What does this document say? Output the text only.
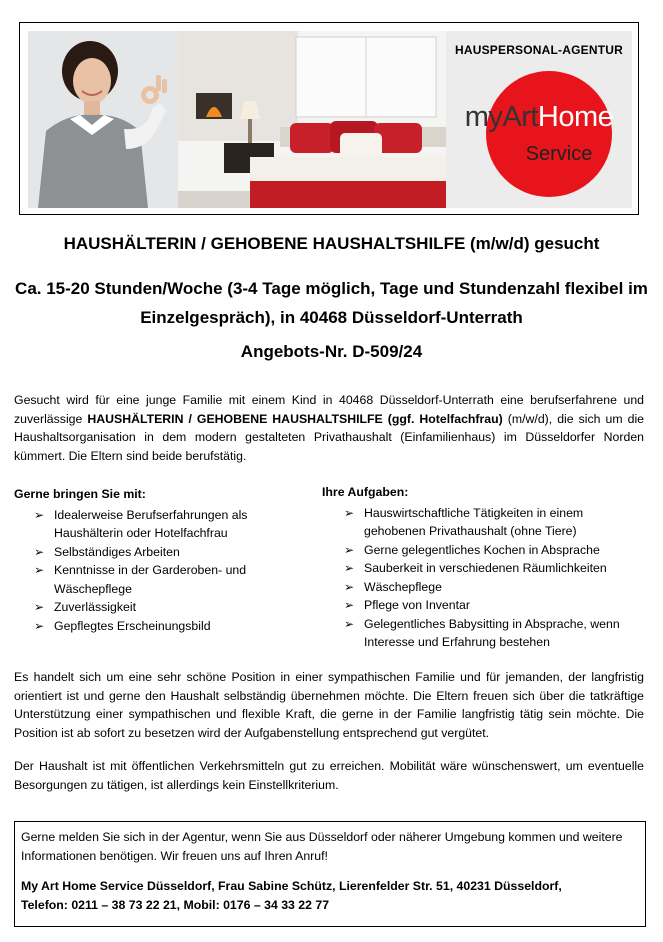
HAUSPERSONAL-AGENTUR
myArtHome
Service
HAUSHÄLTERIN / GEHOBENE HAUSHALTSHILFE (m/w/d) gesucht
Ca. 15-20 Stunden/Woche (3-4 Tage möglich, Tage und Stundenzahl flexibel im Einzelgespräch), in 40468 Düsseldorf-Unterrath
Angebots-Nr. D-509/24
Gesucht wird für eine junge Familie mit einem Kind in 40468 Düsseldorf-Unterrath eine berufserfahrene und zuverlässige HAUSHÄLTERIN / GEHOBENE HAUSHALTSHILFE (ggf. Hotelfachfrau) (m/w/d), die sich um die Haushaltsorganisation in dem modern gestalteten Privathaushalt (Einfamilienhaus) im Düsseldorfer Norden kümmert. Die Eltern sind beide berufstätig.
Gerne bringen Sie mit:
➢ Idealerweise Berufserfahrungen als Haushälterin oder Hotelfachfrau
➢ Selbständiges Arbeiten
➢ Kenntnisse in der Garderoben- und Wäschepflege
➢ Zuverlässigkeit
➢ Gepflegtes Erscheinungsbild
Ihre Aufgaben:
➢ Hauswirtschaftliche Tätigkeiten in einem gehobenen Privathaushalt (ohne Tiere)
➢ Gerne gelegentliches Kochen in Absprache
➢ Sauberkeit in verschiedenen Räumlichkeiten
➢ Wäschepflege
➢ Pflege von Inventar
➢ Gelegentliches Babysitting in Absprache, wenn Interesse und Erfahrung bestehen
Es handelt sich um eine sehr schöne Position in einer sympathischen Familie und für jemanden, der langfristig orientiert ist und gerne den Haushalt selbständig übernehmen möchte. Die Eltern freuen sich über die tatkräftige Unterstützung einer sympathischen und flexible Kraft, die gerne in der Familie langfristig tätig sein möchte. Die Position ist ab sofort zu besetzen wird der Aufgabenstellung entsprechend gut vergütet.
Der Haushalt ist mit öffentlichen Verkehrsmitteln gut zu erreichen. Mobilität wäre wünschenswert, um eventuelle Besorgungen zu tätigen, ist allerdings kein Einstellkriterium.
Gerne melden Sie sich in der Agentur, wenn Sie aus Düsseldorf oder näherer Umgebung kommen und weitere Informationen benötigen. Wir freuen uns auf Ihren Anruf!
My Art Home Service Düsseldorf, Frau Sabine Schütz, Lierenfelder Str. 51, 40231 Düsseldorf,
Telefon: 0211 – 38 73 22 21, Mobil: 0176 – 34 33 22 77
